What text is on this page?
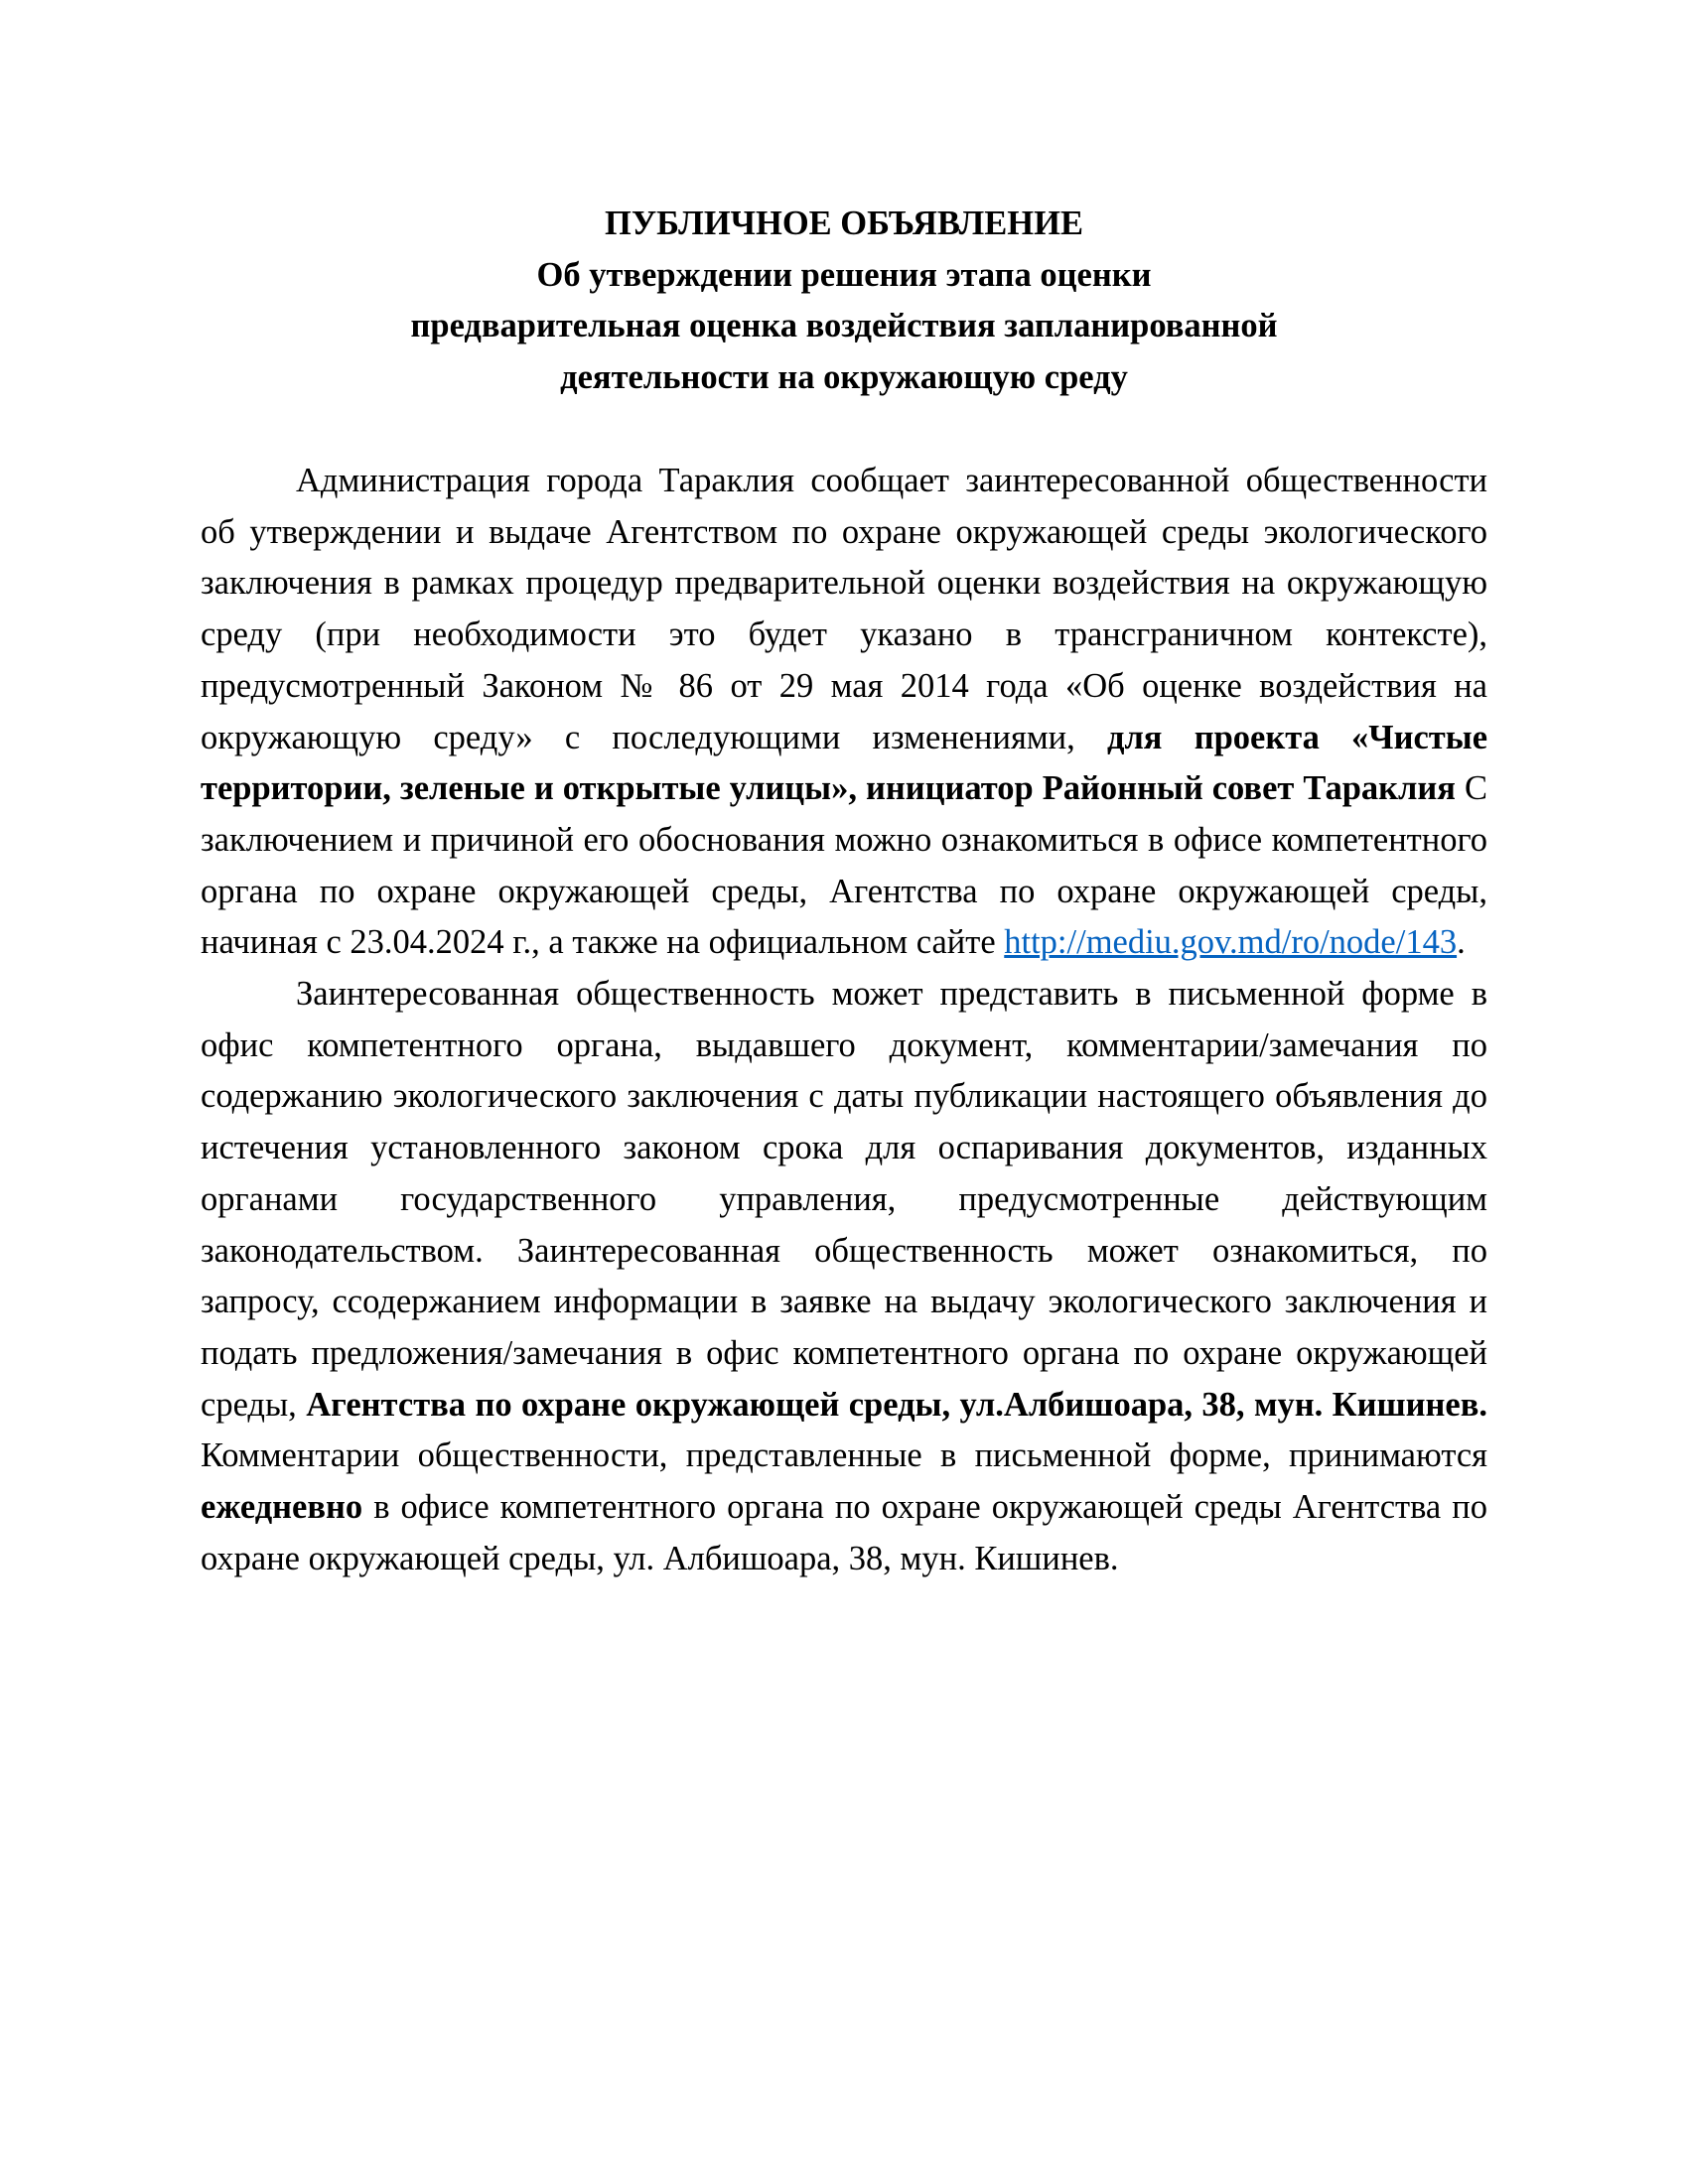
ПУБЛИЧНОЕ ОБЪЯВЛЕНИЕ
Об утверждении решения этапа оценки
предварительная оценка воздействия запланированной
деятельности на окружающую среду

Администрация города Тараклия сообщает заинтересованной общественности об утверждении и выдаче Агентством по охране окружающей среды экологического заключения в рамках процедур предварительной оценки воздействия на окружающую среду (при необходимости это будет указано в трансграничном контексте), предусмотренный Законом № 86 от 29 мая 2014 года «Об оценке воздействия на окружающую среду» с последующими изменениями, для проекта «Чистые территории, зеленые и открытые улицы», инициатор Районный совет Тараклия С заключением и причиной его обоснования можно ознакомиться в офисе компетентного органа по охране окружающей среды, Агентства по охране окружающей среды, начиная с 23.04.2024 г., а также на официальном сайте http://mediu.gov.md/ro/node/143.

Заинтересованная общественность может представить в письменной форме в офис компетентного органа, выдавшего документ, комментарии/замечания по содержанию экологического заключения с даты публикации настоящего объявления до истечения установленного законом срока для оспаривания документов, изданных органами государственного управления, предусмотренные действующим законодательством. Заинтересованная общественность может ознакомиться, по запросу, ссодержанием информации в заявке на выдачу экологического заключения и подать предложения/замечания в офис компетентного органа по охране окружающей среды, Агентства по охране окружающей среды, ул.Албишоара, 38, мун. Кишинев. Комментарии общественности, представленные в письменной форме, принимаются ежедневно в офисе компетентного органа по охране окружающей среды Агентства по охране окружающей среды, ул. Албишоара, 38, мун. Кишинев.
